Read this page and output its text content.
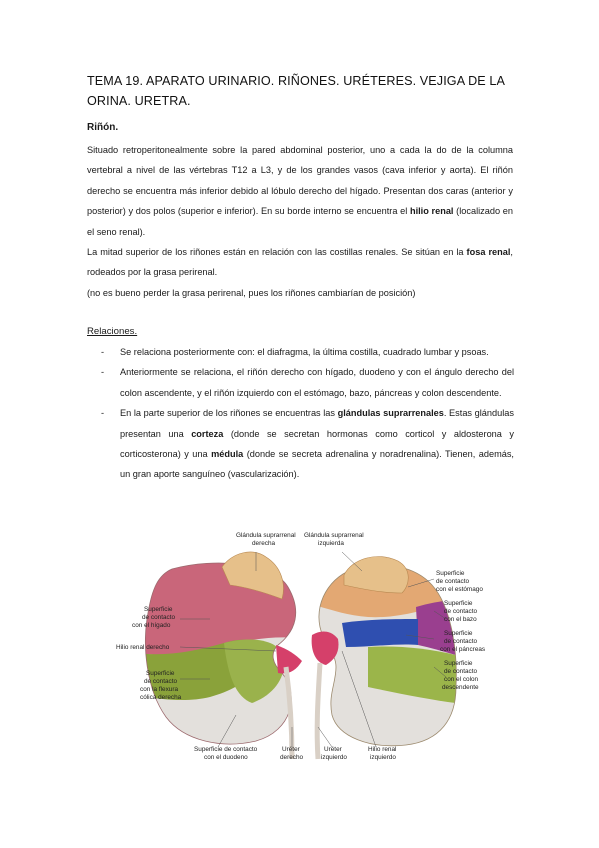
TEMA 19. APARATO URINARIO. RIÑONES. URÉTERES. VEJIGA DE LA ORINA. URETRA.
Riñón.
Situado retroperitonealmente sobre la pared abdominal posterior, uno a cada la do de la columna vertebral a nivel de las vértebras T12 a L3, y de los grandes vasos (cava inferior y aorta). El riñón derecho se encuentra más inferior debido al lóbulo derecho del hígado. Presentan dos caras (anterior y posterior) y dos polos (superior e inferior). En su borde interno se encuentra el hilio renal (localizado en el seno renal).
La mitad superior de los riñones están en relación con las costillas renales. Se sitúan en la fosa renal, rodeados por la grasa perirenal.
(no es bueno perder la grasa perirenal, pues los riñones cambiarían de posición)
Relaciones.
- Se relaciona posteriormente con: el diafragma, la última costilla, cuadrado lumbar y psoas.
- Anteriormente se relaciona, el riñón derecho con hígado, duodeno y con el ángulo derecho del colon ascendente, y el riñón izquierdo con el estómago, bazo, páncreas y colon descendente.
- En la parte superior de los riñones se encuentras las glándulas suprarrenales. Estas glándulas presentan una corteza (donde se secretan hormonas como corticol y aldosterona y corticosterona) y una médula (donde se secreta adrenalina y noradrenalina). Tienen, además, un gran aporte sanguíneo (vascularización).
Glándula suprarrenal
derecha
Glándula suprarrenal
izquierda
Superficie
de contacto
con el hígado
Hilio renal derecho
Superficie
de contacto
con la flexura
cólica derecha
Superficie de contacto
con el duodeno
Uréter
derecho
Uréter
izquierdo
Hilio renal
izquierdo
Superficie
de contacto
con el estómago
Superficie
de contacto
con el bazo
Superficie
de contacto
con el páncreas
Superficie
de contacto
con el colon
descendente
